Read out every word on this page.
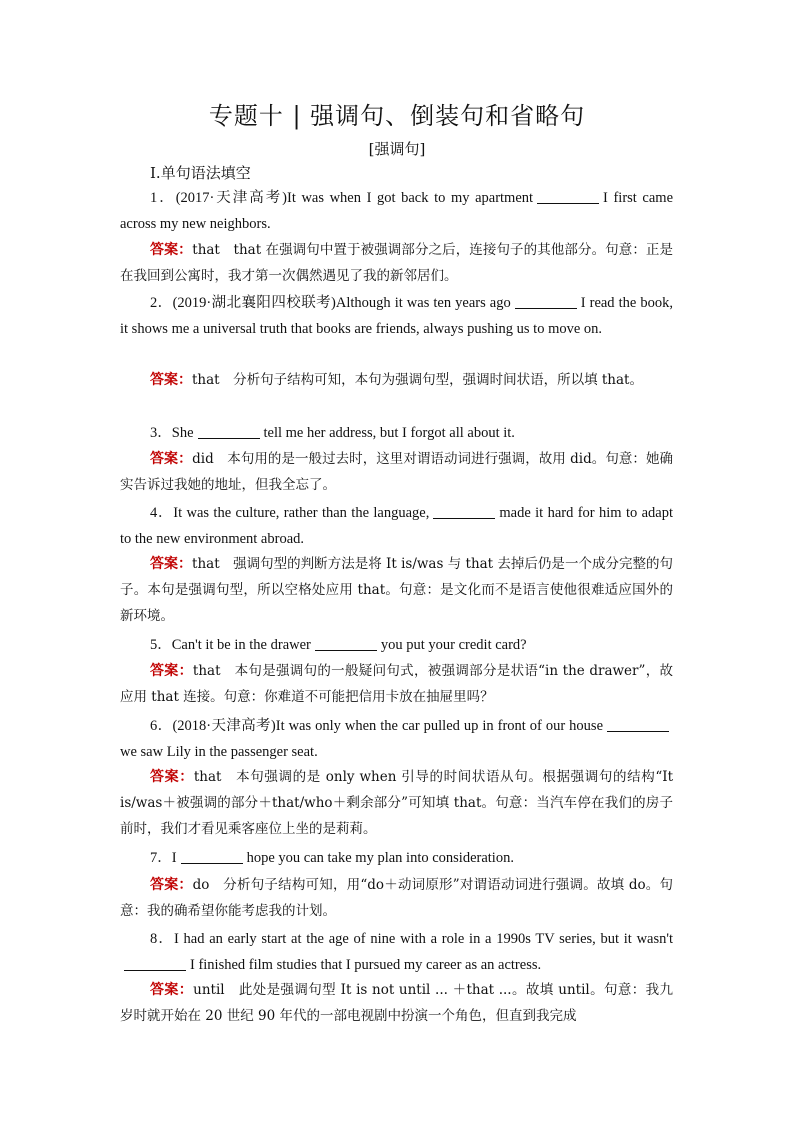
专题十 | 强调句、倒装句和省略句
[强调句]
Ⅰ.单句语法填空
1．(2017·天津高考)It was when I got back to my apartment	I first came across my new neighbors.
答案：that　that 在强调句中置于被强调部分之后，连接句子的其他部分。句意：正是在我回到公寓时，我才第一次偶然遇见了我的新邻居们。
2．(2019·湖北襄阳四校联考)Although it was ten years ago	I read the book, it shows me a universal truth that books are friends, always pushing us to move on.
答案：that　分析句子结构可知，本句为强调句型，强调时间状语，所以填 that。
3．She	tell me her address, but I forgot all about it.
答案：did　本句用的是一般过去时，这里对谓语动词进行强调，故用 did。句意：她确实告诉过我她的地址，但我全忘了。
4．It was the culture, rather than the language,	made it hard for him to adapt to the new environment abroad.
答案：that　强调句型的判断方法是将 It is/was 与 that 去掉后仍是一个成分完整的句子。本句是强调句型，所以空格处应用 that。句意：是文化而不是语言使他很难适应国外的新环境。
5．Can't it be in the drawer	you put your credit card?
答案：that　本句是强调句的一般疑问句式，被强调部分是状语“in the drawer”，故应用 that 连接。句意：你难道不可能把信用卡放在抽屉里吗？
6．(2018·天津高考)It was only when the car pulled up in front of our housewe saw Lily in the passenger seat.
答案：that　本句强调的是 only when 引导的时间状语从句。根据强调句的结构“It is/was＋被强调的部分＋that/who＋剩余部分”可知填 that。句意：当汽车停在我们的房子前时，我们才看见乘客座位上坐的是莉莉。
7．I	hope you can take my plan into consideration.
答案：do　分析句子结构可知，用“do＋动词原形”对谓语动词进行强调。故填 do。句意：我的确希望你能考虑我的计划。
8．I had an early start at the age of nine with a role in a 1990s TV series, but it wasn'tI finished film studies that I pursued my career as an actress.
答案：until　此处是强调句型 It is not until ... ＋that ...。故填 until。句意：我九岁时就开始在 20 世纪 90 年代的一部电视剧中扮演一个角色，但直到我完成
